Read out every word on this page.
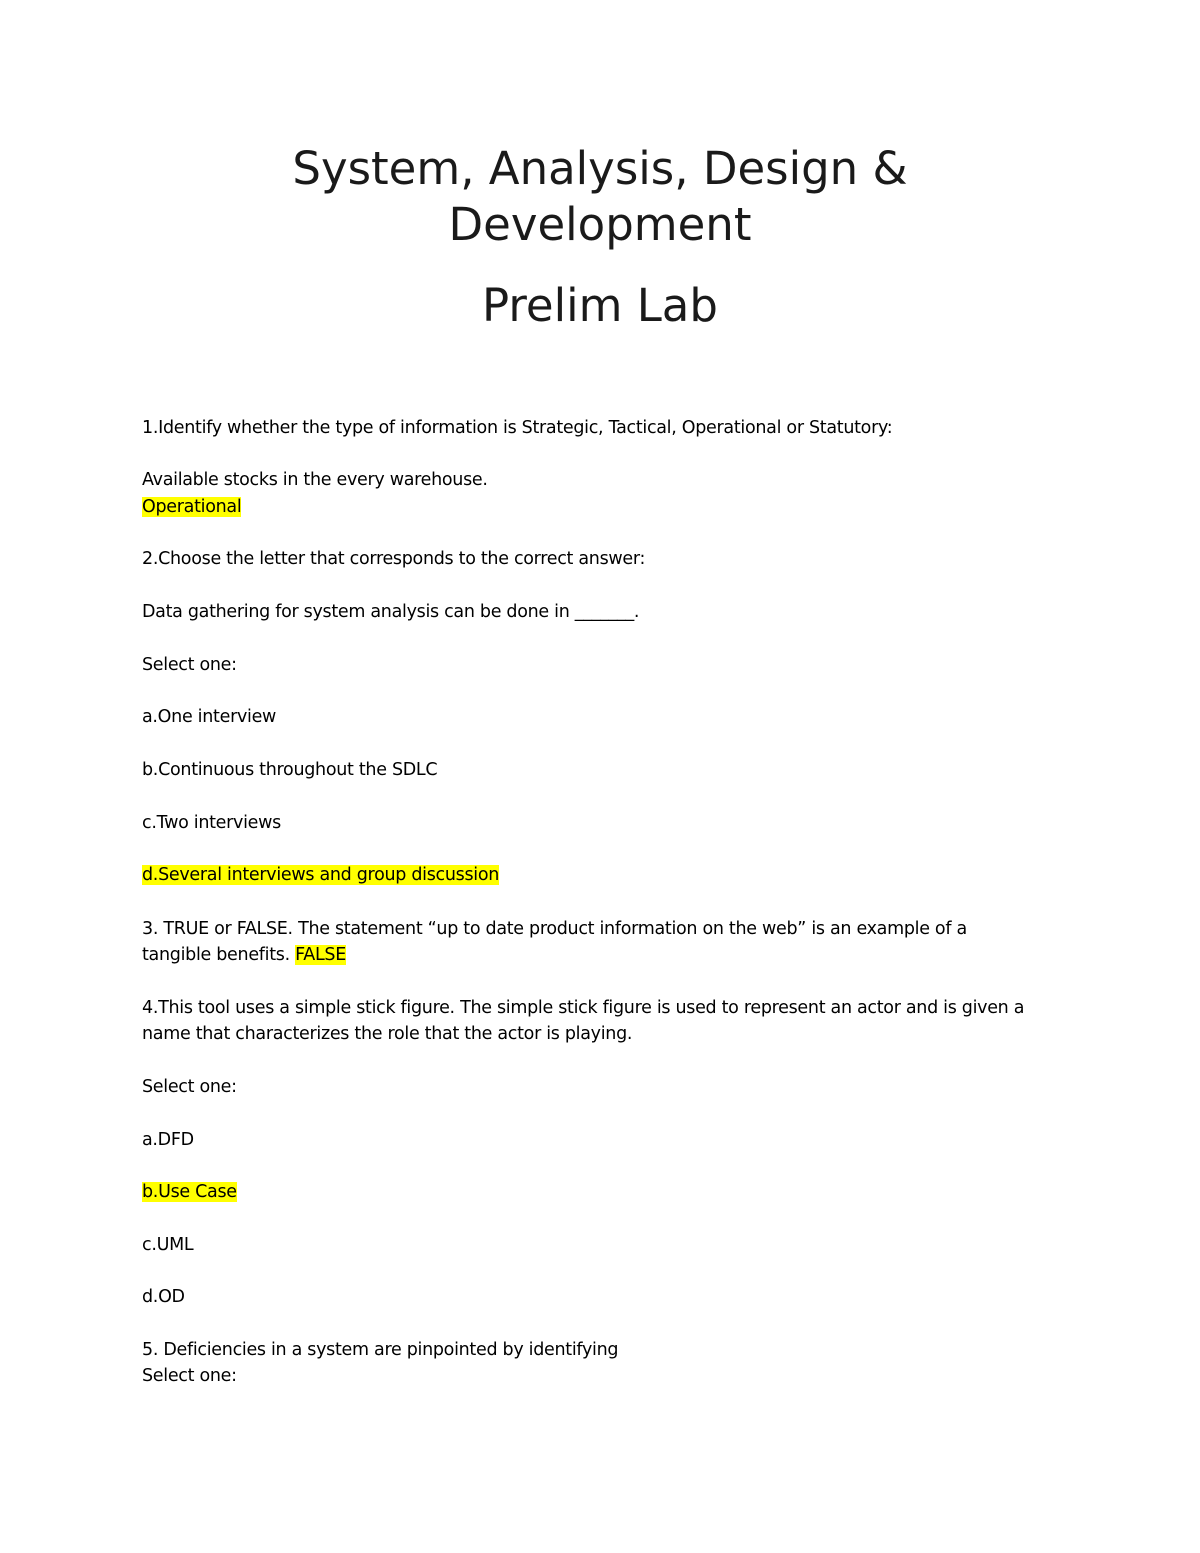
System, Analysis, Design &
Development
Prelim Lab

1.Identify whether the type of information is Strategic, Tactical, Operational or Statutory:

Available stocks in the every warehouse.

Operational

2.Choose the letter that corresponds to the correct answer:

Data gathering for system analysis can be done in _______.

Select one:

a.One interview

b.Continuous throughout the SDLC

c.Two interviews

d.Several interviews and group discussion

3. TRUE or FALSE. The statement “up to date product information on the web” is an example of a

tangible benefits. FALSE

4.This tool uses a simple stick figure. The simple stick figure is used to represent an actor and is given a

name that characterizes the role that the actor is playing.

Select one:

a.DFD

b.Use Case

c.UML

d.OD

5. Deficiencies in a system are pinpointed by identifying

Select one:
